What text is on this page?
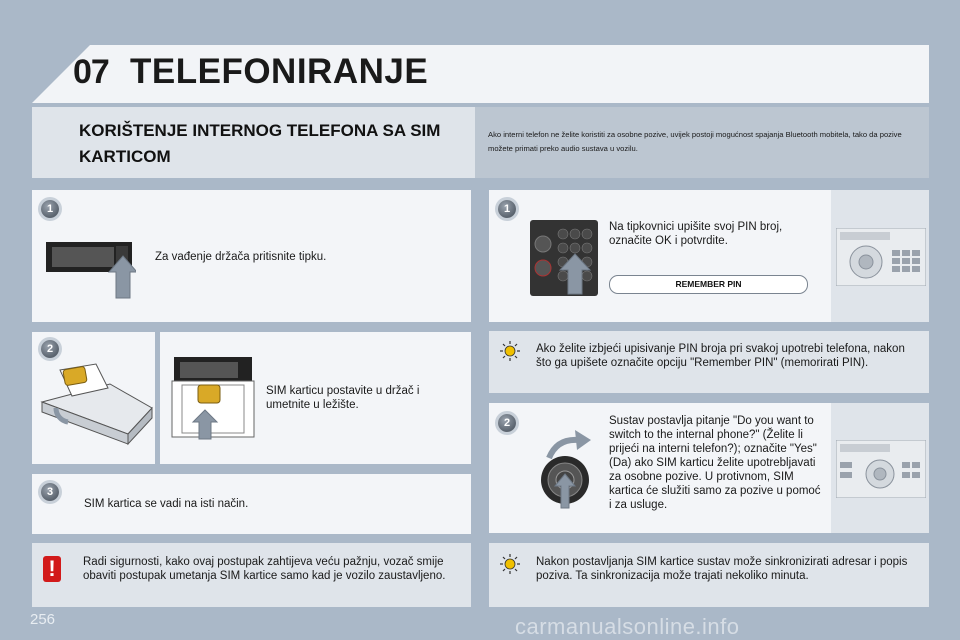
07 TELEFONIRANJE
KORIŠTENJE INTERNOG TELEFONA SA SIM KARTICOM
Ako interni telefon ne želite koristiti za osobne pozive, uvijek postoji mogućnost spajanja Bluetooth mobitela, tako da pozive možete primati preko audio sustava u vozilu.
1
Za vađenje držača pritisnite tipku.
2
SIM karticu postavite u držač i umetnite u ležište.
3
SIM kartica se vadi na isti način.
!	Radi sigurnosti, kako ovaj postupak zahtijeva veću pažnju, vozač smije obaviti postupak umetanja SIM kartice samo kad je vozilo zaustavljeno.
1
Na tipkovnici upišite svoj PIN broj, označite OK i potvrdite.
REMEMBER PIN
Ako želite izbjeći upisivanje PIN broja pri svakoj upotrebi telefona, nakon što ga upišete označite opciju "Remember PIN" (memorirati PIN).
2	Sustav postavlja pitanje "Do you want to switch to the internal phone?" (Želite li prijeći na interni telefon?); označite "Yes" (Da) ako SIM karticu želite upotrebljavati za osobne pozive. U protivnom, SIM kartica će služiti samo za pozive u pomoć i za usluge.
Nakon postavljanja SIM kartice sustav može sinkronizirati adresar i popis poziva. Ta sinkronizacija može trajati nekoliko minuta.
256	carmanualsonline.info
